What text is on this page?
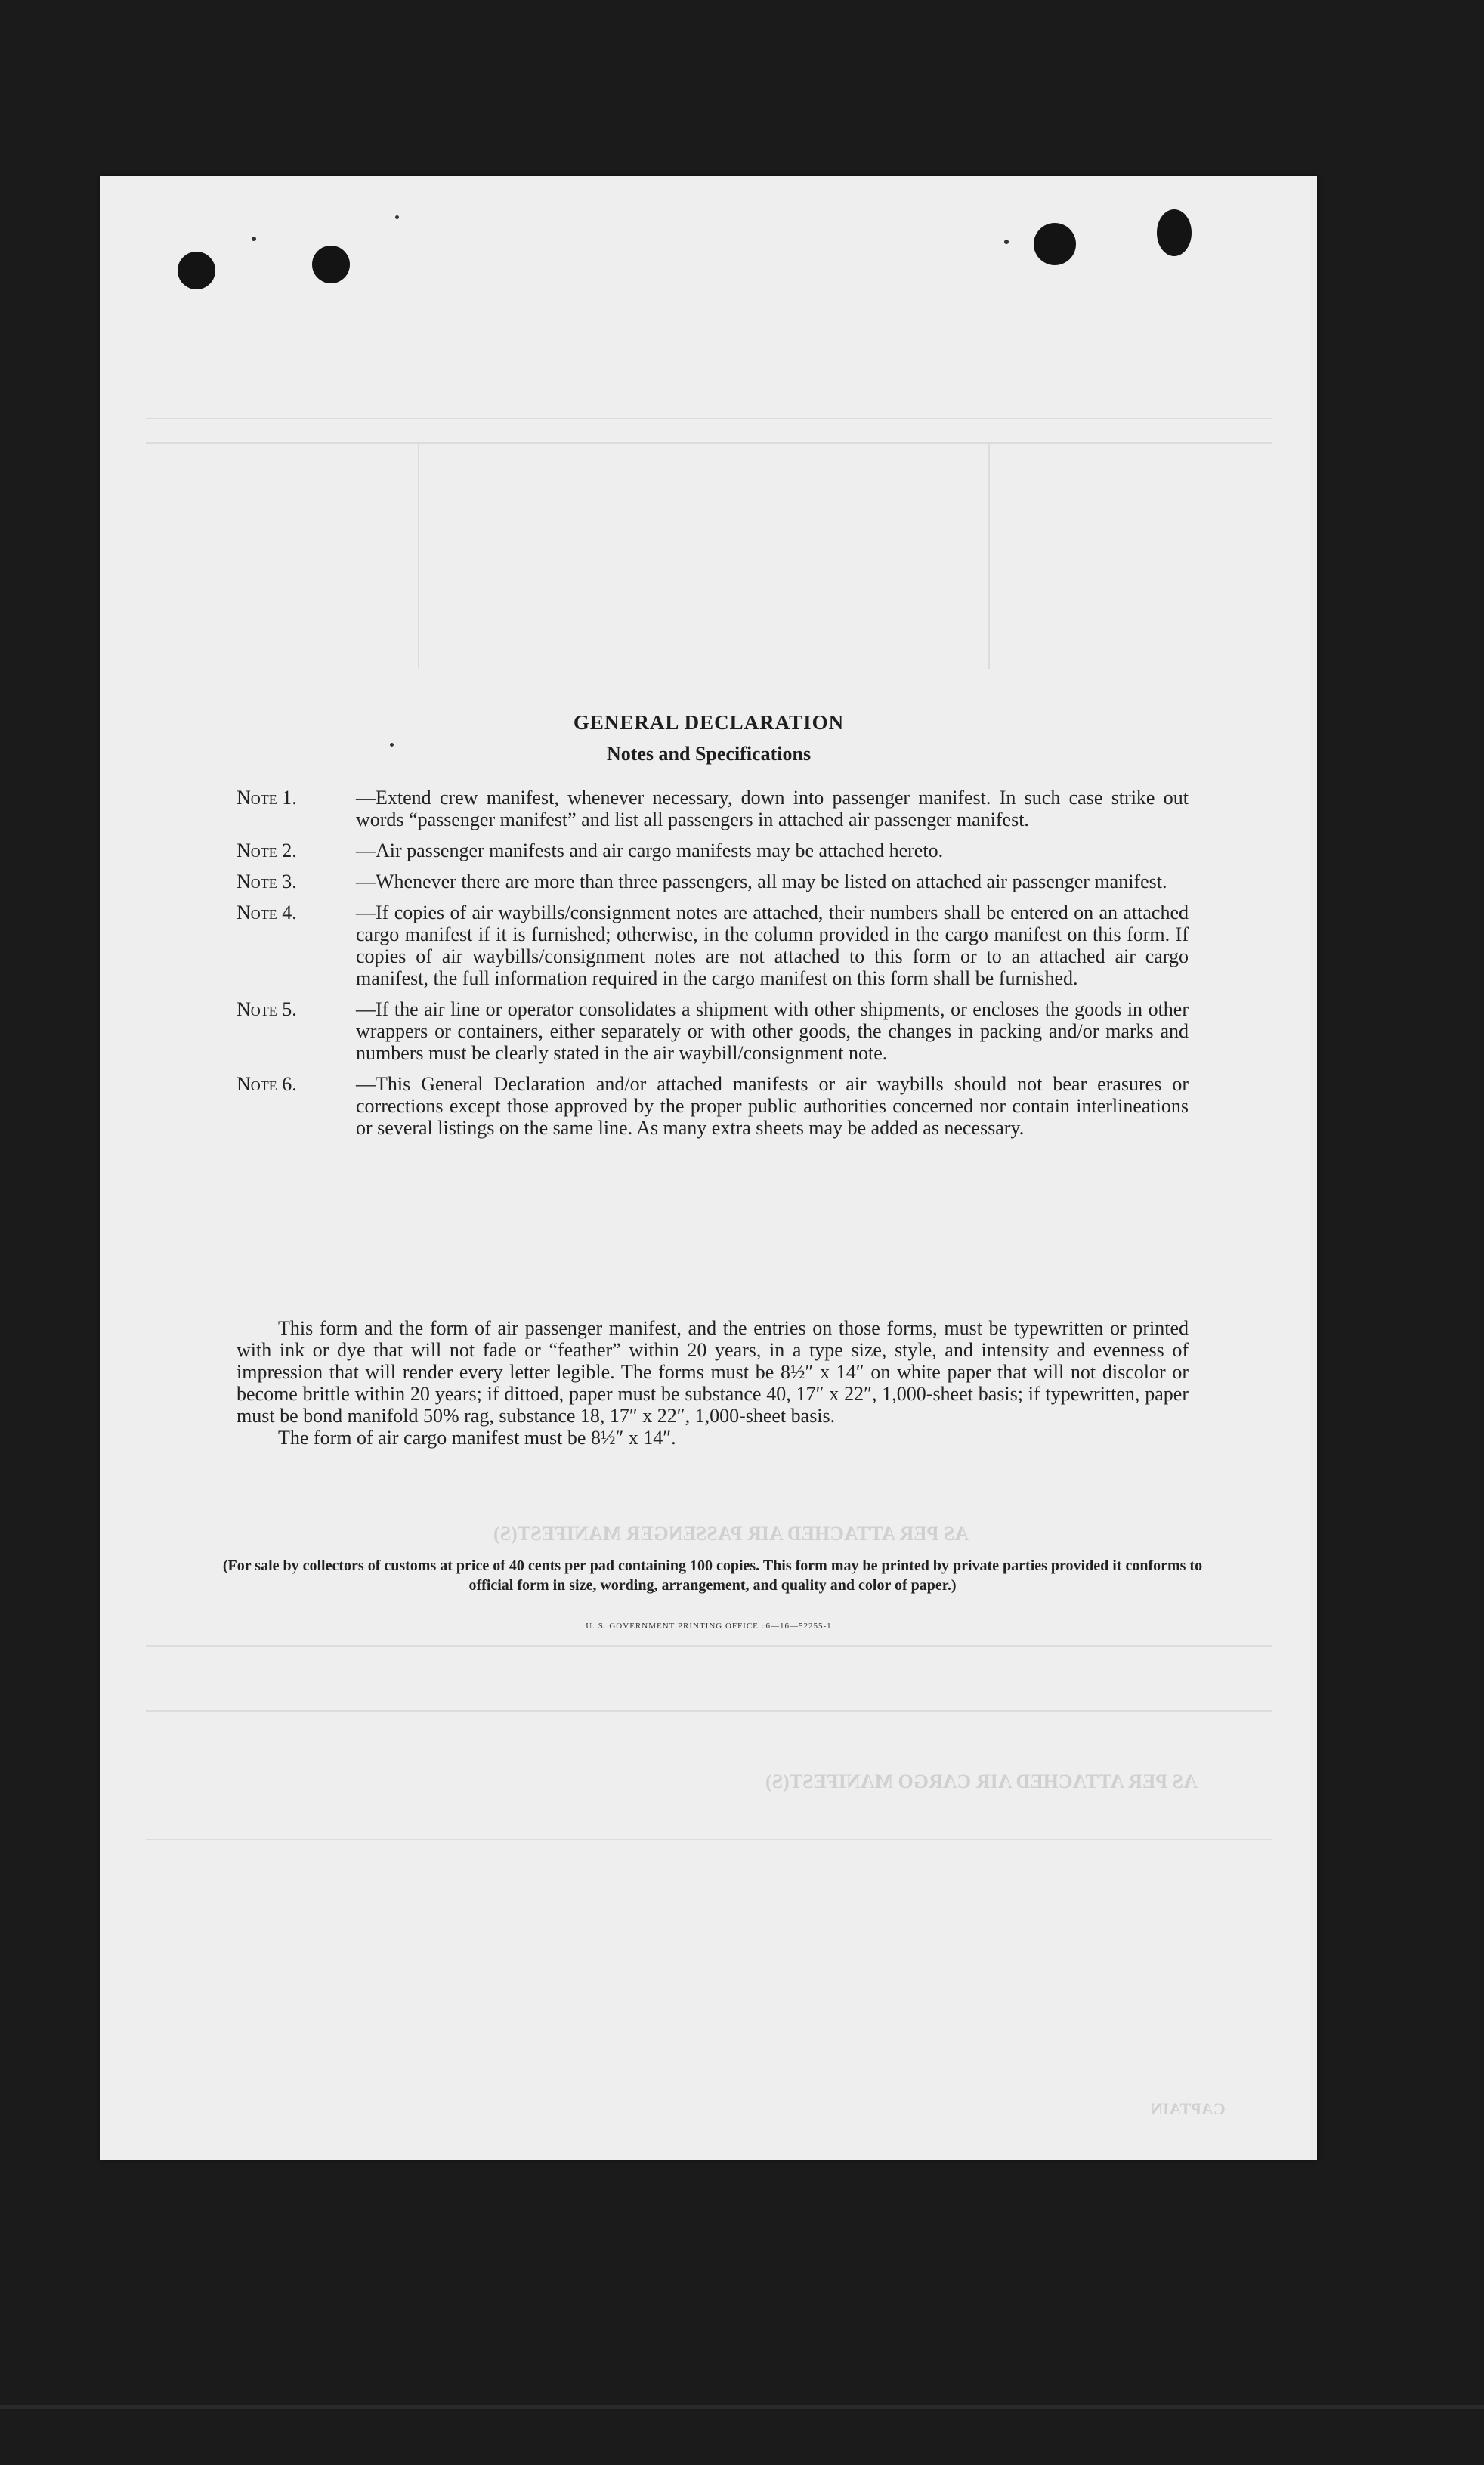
AS PER ATTACHED AIR PASSENGER MANIFEST(S)
AS PER ATTACHED AIR CARGO MANIFEST(S)
CAPTAIN
GENERAL DECLARATION
Notes and Specifications
Note 1.	—Extend crew manifest, whenever necessary, down into passenger manifest. In such case strike out words “passenger manifest” and list all passengers in attached air passenger manifest.
Note 2.	—Air passenger manifests and air cargo manifests may be attached hereto.
Note 3.	—Whenever there are more than three passengers, all may be listed on attached air passenger manifest.
Note 4.	—If copies of air waybills/consignment notes are attached, their numbers shall be entered on an attached cargo manifest if it is furnished; otherwise, in the column provided in the cargo manifest on this form. If copies of air waybills/consignment notes are not attached to this form or to an attached air cargo manifest, the full information required in the cargo manifest on this form shall be furnished.
Note 5.	—If the air line or operator consolidates a shipment with other shipments, or encloses the goods in other wrappers or containers, either separately or with other goods, the changes in packing and/or marks and numbers must be clearly stated in the air waybill/consignment note.
Note 6.	—This General Declaration and/or attached manifests or air waybills should not bear erasures or corrections except those approved by the proper public authorities concerned nor contain interlineations or several listings on the same line. As many extra sheets may be added as necessary.

This form and the form of air passenger manifest, and the entries on those forms, must be typewritten or printed with ink or dye that will not fade or “feather” within 20 years, in a type size, style, and intensity and evenness of impression that will render every letter legible. The forms must be 8½″ x 14″ on white paper that will not discolor or become brittle within 20 years; if dittoed, paper must be substance 40, 17″ x 22″, 1,000-sheet basis; if typewritten, paper must be bond manifold 50% rag, substance 18, 17″ x 22″, 1,000-sheet basis.

The form of air cargo manifest must be 8½″ x 14″.

(For sale by collectors of customs at price of 40 cents per pad containing 100 copies. This form may be printed by private parties provided it conforms to official form in size, wording, arrangement, and quality and color of paper.)
U. S. GOVERNMENT PRINTING OFFICE c6—16—52255-1
